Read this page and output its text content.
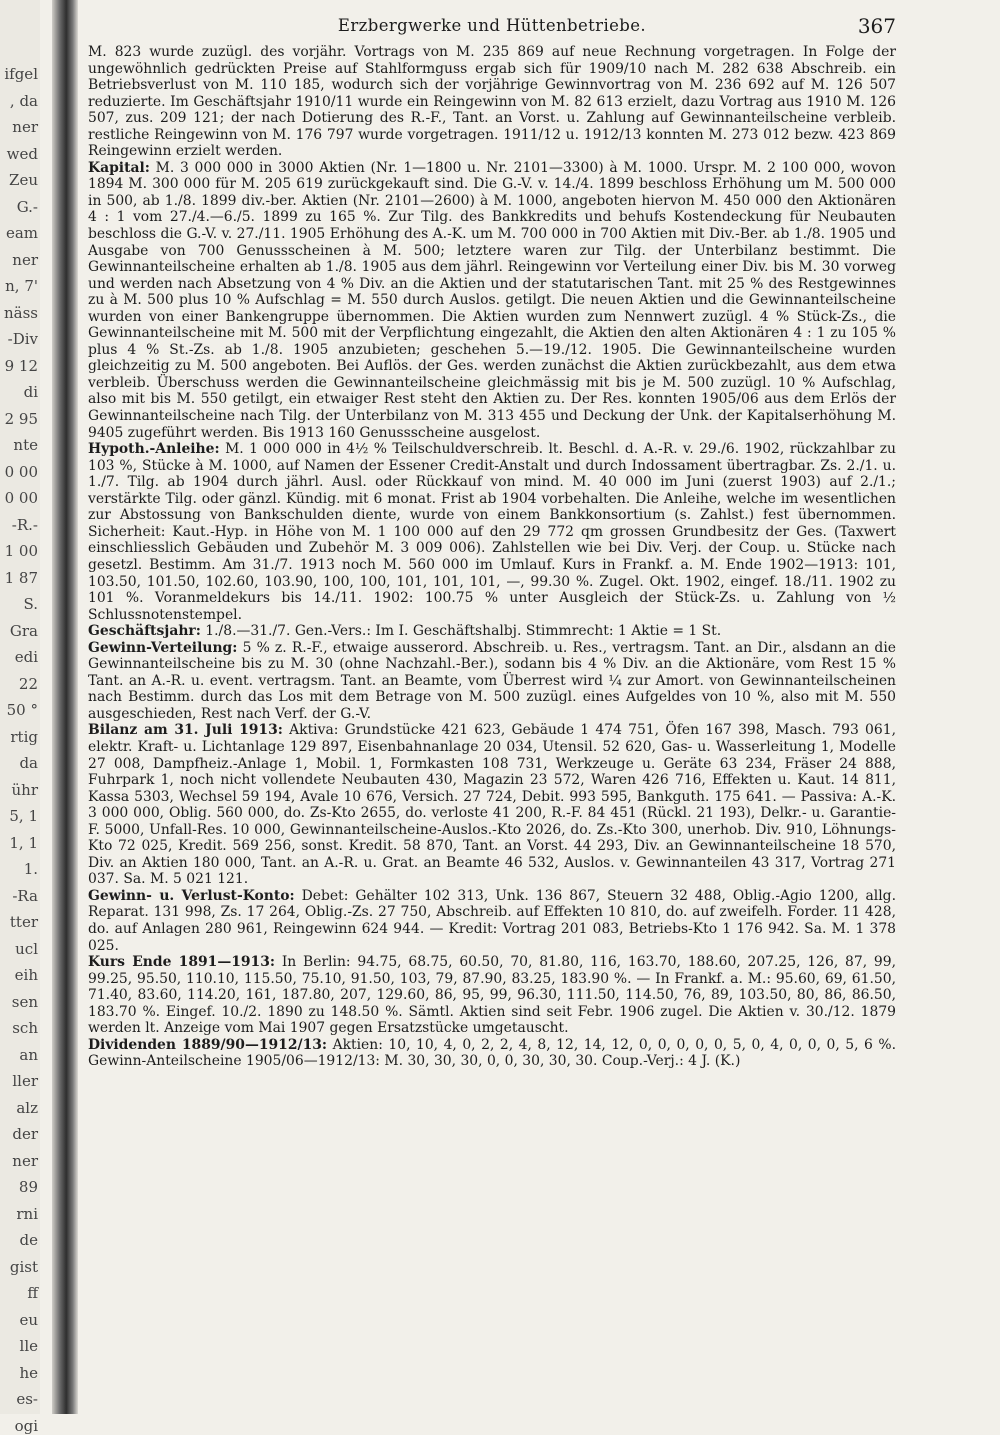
ifgel
, da
ner
wed
Zeu
G.-
eam
ner
n, 7'
näss
-Div
9 12
di
2 95
nte
0 00
0 00
-R.-
1 00
1 87
S.
Gra
edi
22
50 °
rtig
da
ühr
5, 1
1, 1
1.
-Ra
tter
ucl
eih
sen
sch
an
ller
alz
der
ner
89
rni
de
gist
ff
eu
lle
he
es-
ogi
Erzbergwerke und Hüttenbetriebe.	367

M. 823 wurde zuzügl. des vorjähr. Vortrags von M. 235 869 auf neue Rechnung vorgetragen. In Folge der ungewöhnlich gedrückten Preise auf Stahlformguss ergab sich für 1909/10 nach M. 282 638 Abschreib. ein Betriebsverlust von M. 110 185, wodurch sich der vorjährige Gewinnvortrag von M. 236 692 auf M. 126 507 reduzierte. Im Geschäftsjahr 1910/11 wurde ein Reingewinn von M. 82 613 erzielt, dazu Vortrag aus 1910 M. 126 507, zus. 209 121; der nach Dotierung des R.-F., Tant. an Vorst. u. Zahlung auf Gewinnanteilscheine verbleib. restliche Reingewinn von M. 176 797 wurde vorgetragen. 1911/12 u. 1912/13 konnten M. 273 012 bezw. 423 869 Reingewinn erzielt werden.

Kapital: M. 3 000 000 in 3000 Aktien (Nr. 1—1800 u. Nr. 2101—3300) à M. 1000. Urspr. M. 2 100 000, wovon 1894 M. 300 000 für M. 205 619 zurückgekauft sind. Die G.-V. v. 14./4. 1899 beschloss Erhöhung um M. 500 000 in 500, ab 1./8. 1899 div.-ber. Aktien (Nr. 2101—2600) à M. 1000, angeboten hiervon M. 450 000 den Aktionären 4 : 1 vom 27./4.—6./5. 1899 zu 165 %. Zur Tilg. des Bankkredits und behufs Kostendeckung für Neubauten beschloss die G.-V. v. 27./11. 1905 Erhöhung des A.-K. um M. 700 000 in 700 Aktien mit Div.-Ber. ab 1./8. 1905 und Ausgabe von 700 Genussscheinen à M. 500; letztere waren zur Tilg. der Unterbilanz bestimmt. Die Gewinnanteilscheine erhalten ab 1./8. 1905 aus dem jährl. Reingewinn vor Verteilung einer Div. bis M. 30 vorweg und werden nach Absetzung von 4 % Div. an die Aktien und der statutarischen Tant. mit 25 % des Restgewinnes zu à M. 500 plus 10 % Aufschlag = M. 550 durch Auslos. getilgt. Die neuen Aktien und die Gewinnanteilscheine wurden von einer Bankengruppe übernommen. Die Aktien wurden zum Nennwert zuzügl. 4 % Stück-Zs., die Gewinnanteilscheine mit M. 500 mit der Verpflichtung eingezahlt, die Aktien den alten Aktionären 4 : 1 zu 105 % plus 4 % St.-Zs. ab 1./8. 1905 anzubieten; geschehen 5.—19./12. 1905. Die Gewinnanteilscheine wurden gleichzeitig zu M. 500 angeboten. Bei Auflös. der Ges. werden zunächst die Aktien zurückbezahlt, aus dem etwa verbleib. Überschuss werden die Gewinnanteilscheine gleichmässig mit bis je M. 500 zuzügl. 10 % Aufschlag, also mit bis M. 550 getilgt, ein etwaiger Rest steht den Aktien zu. Der Res. konnten 1905/06 aus dem Erlös der Gewinnanteilscheine nach Tilg. der Unterbilanz von M. 313 455 und Deckung der Unk. der Kapitalserhöhung M. 9405 zugeführt werden. Bis 1913 160 Genussscheine ausgelost.

Hypoth.-Anleihe: M. 1 000 000 in 4½ % Teilschuldverschreib. lt. Beschl. d. A.-R. v. 29./6. 1902, rückzahlbar zu 103 %, Stücke à M. 1000, auf Namen der Essener Credit-Anstalt und durch Indossament übertragbar. Zs. 2./1. u. 1./7. Tilg. ab 1904 durch jährl. Ausl. oder Rückkauf von mind. M. 40 000 im Juni (zuerst 1903) auf 2./1.; verstärkte Tilg. oder gänzl. Kündig. mit 6 monat. Frist ab 1904 vorbehalten. Die Anleihe, welche im wesentlichen zur Abstossung von Bankschulden diente, wurde von einem Bankkonsortium (s. Zahlst.) fest übernommen. Sicherheit: Kaut.-Hyp. in Höhe von M. 1 100 000 auf den 29 772 qm grossen Grundbesitz der Ges. (Taxwert einschliesslich Gebäuden und Zubehör M. 3 009 006). Zahlstellen wie bei Div. Verj. der Coup. u. Stücke nach gesetzl. Bestimm. Am 31./7. 1913 noch M. 560 000 im Umlauf. Kurs in Frankf. a. M. Ende 1902—1913: 101, 103.50, 101.50, 102.60, 103.90, 100, 100, 101, 101, 101, —, 99.30 %. Zugel. Okt. 1902, eingef. 18./11. 1902 zu 101 %. Voranmeldekurs bis 14./11. 1902: 100.75 % unter Ausgleich der Stück-Zs. u. Zahlung von ½ Schlussnotenstempel.

Geschäftsjahr: 1./8.—31./7. Gen.-Vers.: Im I. Geschäftshalbj. Stimmrecht: 1 Aktie = 1 St.

Gewinn-Verteilung: 5 % z. R.-F., etwaige ausserord. Abschreib. u. Res., vertragsm. Tant. an Dir., alsdann an die Gewinnanteilscheine bis zu M. 30 (ohne Nachzahl.-Ber.), sodann bis 4 % Div. an die Aktionäre, vom Rest 15 % Tant. an A.-R. u. event. vertragsm. Tant. an Beamte, vom Überrest wird ¼ zur Amort. von Gewinnanteilscheinen nach Bestimm. durch das Los mit dem Betrage von M. 500 zuzügl. eines Aufgeldes von 10 %, also mit M. 550 ausgeschieden, Rest nach Verf. der G.-V.

Bilanz am 31. Juli 1913: Aktiva: Grundstücke 421 623, Gebäude 1 474 751, Öfen 167 398, Masch. 793 061, elektr. Kraft- u. Lichtanlage 129 897, Eisenbahnanlage 20 034, Utensil. 52 620, Gas- u. Wasserleitung 1, Modelle 27 008, Dampfheiz.-Anlage 1, Mobil. 1, Formkasten 108 731, Werkzeuge u. Geräte 63 234, Fräser 24 888, Fuhrpark 1, noch nicht vollendete Neubauten 430, Magazin 23 572, Waren 426 716, Effekten u. Kaut. 14 811, Kassa 5303, Wechsel 59 194, Avale 10 676, Versich. 27 724, Debit. 993 595, Bankguth. 175 641. — Passiva: A.-K. 3 000 000, Oblig. 560 000, do. Zs-Kto 2655, do. verloste 41 200, R.-F. 84 451 (Rückl. 21 193), Delkr.- u. Garantie-F. 5000, Unfall-Res. 10 000, Gewinnanteilscheine-Auslos.-Kto 2026, do. Zs.-Kto 300, unerhob. Div. 910, Löhnungs-Kto 72 025, Kredit. 569 256, sonst. Kredit. 58 870, Tant. an Vorst. 44 293, Div. an Gewinnanteilscheine 18 570, Div. an Aktien 180 000, Tant. an A.-R. u. Grat. an Beamte 46 532, Auslos. v. Gewinnanteilen 43 317, Vortrag 271 037. Sa. M. 5 021 121.

Gewinn- u. Verlust-Konto: Debet: Gehälter 102 313, Unk. 136 867, Steuern 32 488, Oblig.-Agio 1200, allg. Reparat. 131 998, Zs. 17 264, Oblig.-Zs. 27 750, Abschreib. auf Effekten 10 810, do. auf zweifelh. Forder. 11 428, do. auf Anlagen 280 961, Reingewinn 624 944. — Kredit: Vortrag 201 083, Betriebs-Kto 1 176 942. Sa. M. 1 378 025.

Kurs Ende 1891—1913: In Berlin: 94.75, 68.75, 60.50, 70, 81.80, 116, 163.70, 188.60, 207.25, 126, 87, 99, 99.25, 95.50, 110.10, 115.50, 75.10, 91.50, 103, 79, 87.90, 83.25, 183.90 %. — In Frankf. a. M.: 95.60, 69, 61.50, 71.40, 83.60, 114.20, 161, 187.80, 207, 129.60, 86, 95, 99, 96.30, 111.50, 114.50, 76, 89, 103.50, 80, 86, 86.50, 183.70 %. Eingef. 10./2. 1890 zu 148.50 %. Sämtl. Aktien sind seit Febr. 1906 zugel. Die Aktien v. 30./12. 1879 werden lt. Anzeige vom Mai 1907 gegen Ersatzstücke umgetauscht.

Dividenden 1889/90—1912/13: Aktien: 10, 10, 4, 0, 2, 2, 4, 8, 12, 14, 12, 0, 0, 0, 0, 0, 5, 0, 4, 0, 0, 0, 5, 6 %. Gewinn-Anteilscheine 1905/06—1912/13: M. 30, 30, 30, 0, 0, 30, 30, 30. Coup.-Verj.: 4 J. (K.)
